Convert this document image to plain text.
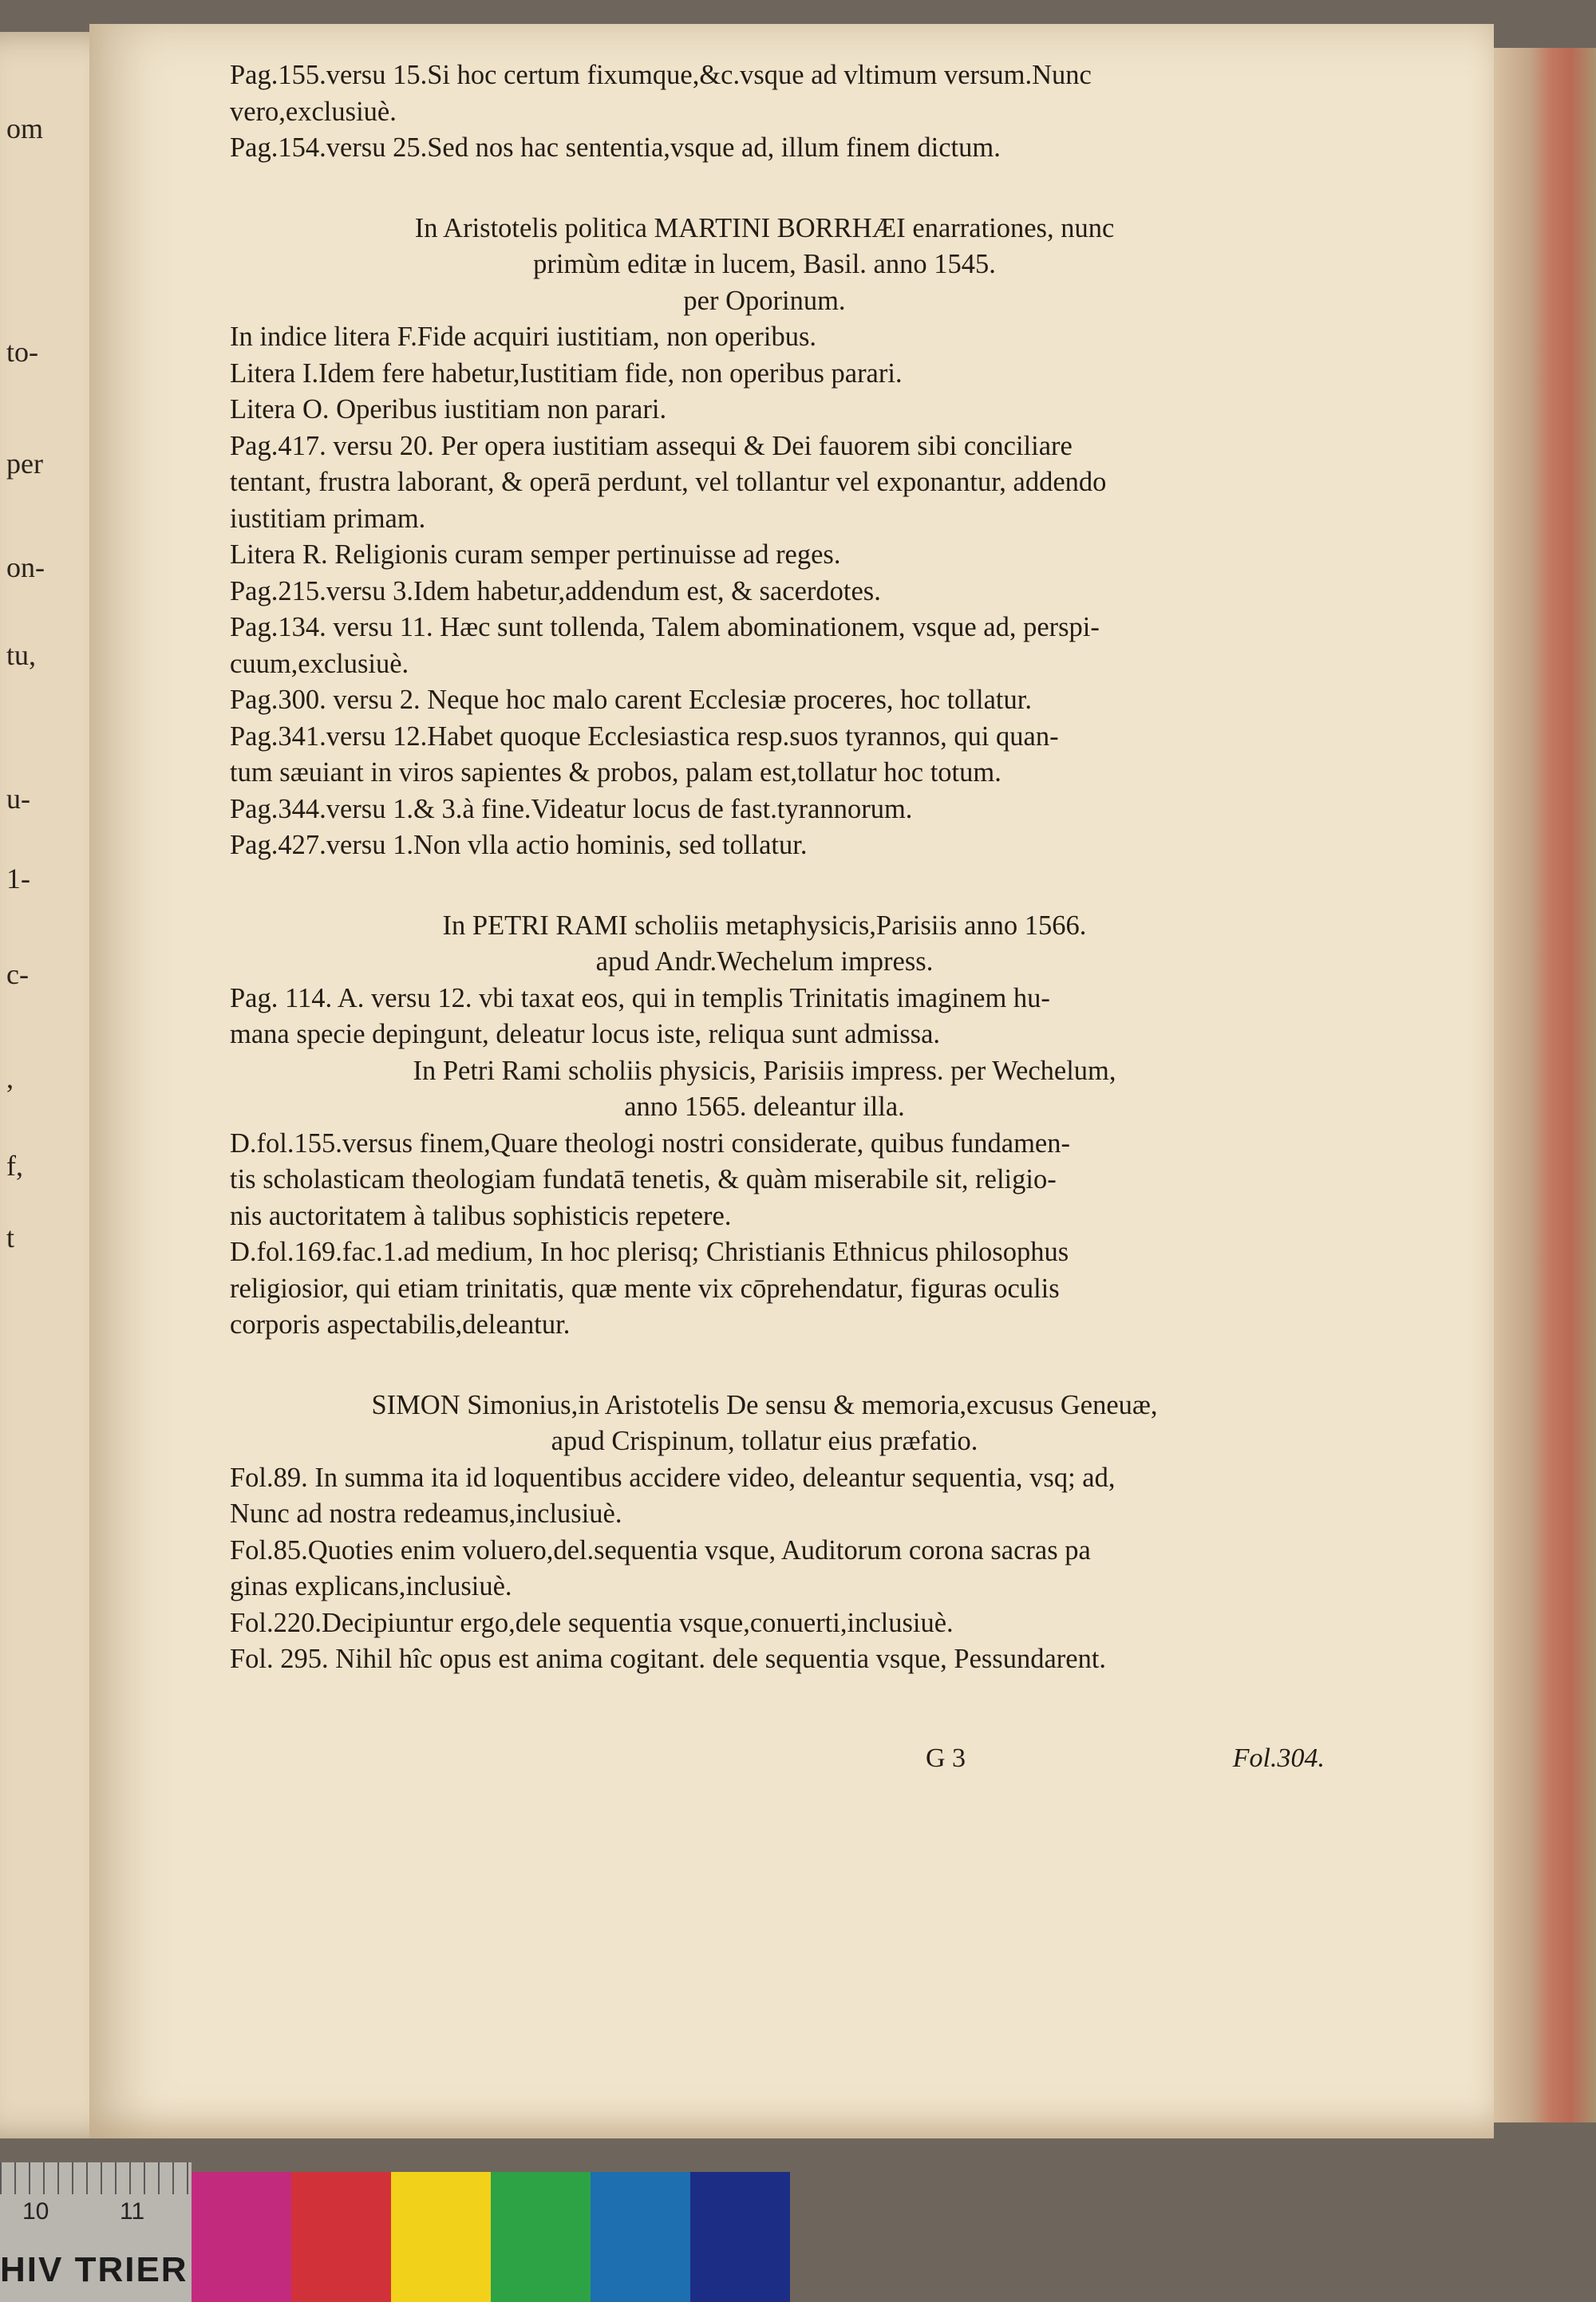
om
to-
per
on-
tu,
u-
1-
c-
,
f,
t
Pag.155.versu 15.Si hoc certum fixumque,&c.vsque ad vltimum versum.Nunc
vero,exclusiuè.
Pag.154.versu 25.Sed nos hac sententia,vsque ad, illum finem dictum.
In Aristotelis politica MARTINI BORRHÆI enarrationes, nunc
primùm editæ in lucem, Basil. anno 1545.
per Oporinum.
In indice litera F.Fide acquiri iustitiam, non operibus.
Litera I.Idem fere habetur,Iustitiam fide, non operibus parari.
Litera O. Operibus iustitiam non parari.
Pag.417. versu 20. Per opera iustitiam assequi & Dei fauorem sibi conciliare
tentant, frustra laborant, & operā perdunt, vel tollantur vel exponantur, addendo
iustitiam primam.
Litera R. Religionis curam semper pertinuisse ad reges.
Pag.215.versu 3.Idem habetur,addendum est, & sacerdotes.
Pag.134. versu 11. Hæc sunt tollenda, Talem abominationem, vsque ad, perspi-
cuum,exclusiuè.
Pag.300. versu 2. Neque hoc malo carent Ecclesiæ proceres, hoc tollatur.
Pag.341.versu 12.Habet quoque Ecclesiastica resp.suos tyrannos, qui quan-
tum sæuiant in viros sapientes & probos, palam est,tollatur hoc totum.
Pag.344.versu 1.& 3.à fine.Videatur locus de fast.tyrannorum.
Pag.427.versu 1.Non vlla actio hominis, sed tollatur.
In PETRI RAMI scholiis metaphysicis,Parisiis anno 1566.
apud Andr.Wechelum impress.
Pag. 114. A. versu 12. vbi taxat eos, qui in templis Trinitatis imaginem hu-
mana specie depingunt, deleatur locus iste, reliqua sunt admissa.
In Petri Rami scholiis physicis, Parisiis impress. per Wechelum,
anno 1565. deleantur illa.
D.fol.155.versus finem,Quare theologi nostri considerate, quibus fundamen-
tis scholasticam theologiam fundatā tenetis, & quàm miserabile sit, religio-
nis auctoritatem à talibus sophisticis repetere.
D.fol.169.fac.1.ad medium, In hoc plerisq; Christianis Ethnicus philosophus
religiosior, qui etiam trinitatis, quæ mente vix cōprehendatur, figuras oculis
corporis aspectabilis,deleantur.
SIMON Simonius,in Aristotelis De sensu & memoria,excusus Geneuæ,
apud Crispinum, tollatur eius præfatio.
Fol.89. In summa ita id loquentibus accidere video, deleantur sequentia, vsq; ad,
Nunc ad nostra redeamus,inclusiuè.
Fol.85.Quoties enim voluero,del.sequentia vsque, Auditorum corona sacras pa
ginas explicans,inclusiuè.
Fol.220.Decipiuntur ergo,dele sequentia vsque,conuerti,inclusiuè.
Fol. 295. Nihil hîc opus est anima cogitant. dele sequentia vsque, Pessundarent.
G 3	Fol.304.
10	11
HIV TRIER
